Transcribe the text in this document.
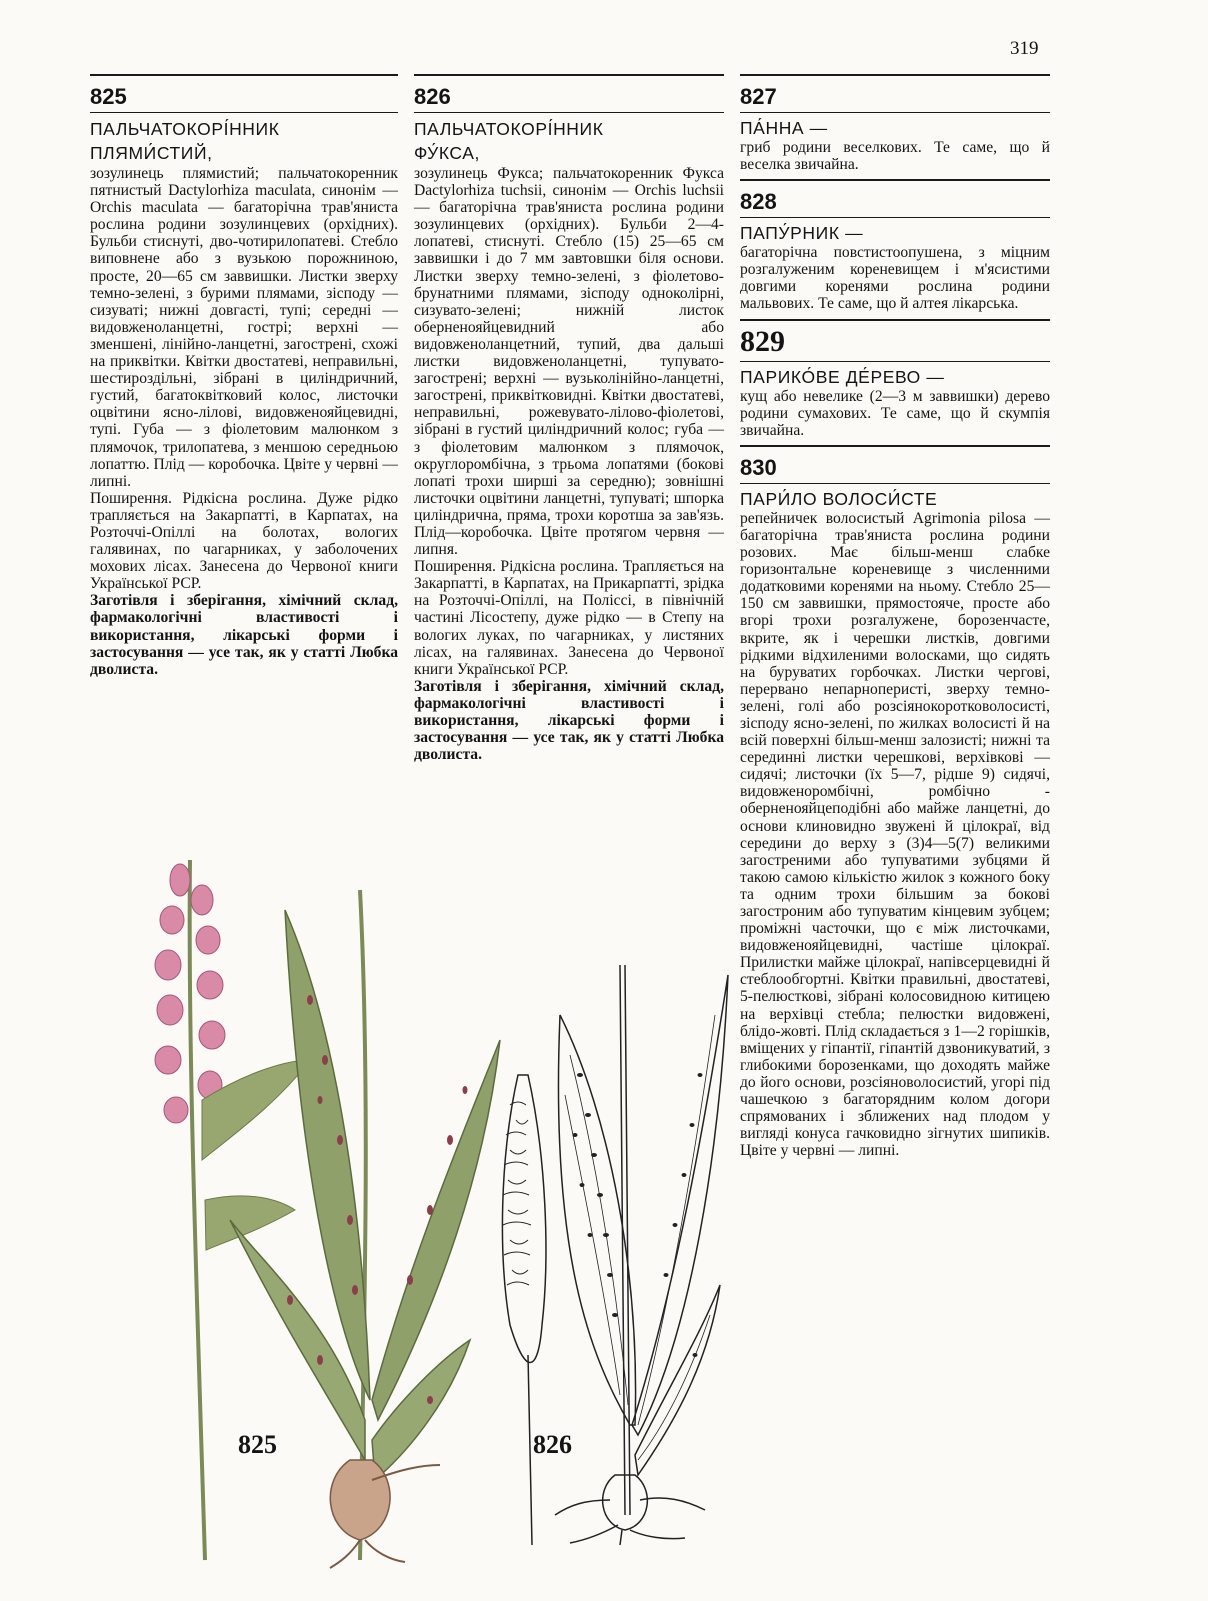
319
825
ПАЛЬЧАТОКОРІ́ННИК
ПЛЯМИ́СТИЙ,

зозулинець плямистий; пальчатокоренник пятнистый Dactylorhiza maculata, синонім — Orchis maculata — багаторічна трав'яниста рослина родини зозулинцевих (орхідних). Бульби стиснуті, дво-чотирилопатеві. Стебло виповнене або з вузькою порожниною, просте, 20—65 см заввишки. Листки зверху темно-зелені, з бурими плямами, зісподу — сизуваті; нижні довгасті, тупі; середні — видовженоланцетні, гострі; верхні — зменшені, лінійно-ланцетні, загострені, схожі на приквітки. Квітки двостатеві, неправильні, шестироздільні, зібрані в циліндричний, густий, багатоквітковий колос, листочки оцвітини ясно-лілові, видовженояйцевидні, тупі. Губа — з фіолетовим малюнком з плямочок, трилопатева, з меншою середньою лопаттю. Плід — коробочка. Цвіте у червні — липні.

Поширення. Рідкісна рослина. Дуже рідко трапляється на Закарпатті, в Карпатах, на Розточчі-Опіллі на болотах, вологих галявинах, по чагарниках, у заболочених мохових лісах. Занесена до Червоної книги Української РСР.

Заготівля і зберігання, хімічний склад, фармакологічні властивості і використання, лікарські форми і застосування — усе так, як у статті Любка дволиста.

826
ПАЛЬЧАТОКОРІ́ННИК
ФУ́КСА,

зозулинець Фукса; пальчатокоренник Фукса Dactylorhiza tuchsii, синонім — Orchis luchsii — багаторічна трав'яниста рослина родини зозулинцевих (орхідних). Бульби 2—4-лопатеві, стиснуті. Стебло (15) 25—65 см заввишки і до 7 мм завтовшки біля основи. Листки зверху темно-зелені, з фіолетово-брунатними плямами, зісподу одноколірні, сизувато-зелені; нижній листок оберненояйцевидний або видовженоланцетний, тупий, два дальші листки видовженоланцетні, тупувато-загострені; верхні — вузьколінійно-ланцетні, загострені, приквітковидні. Квітки двостатеві, неправильні, рожевувато-лілово-фіолетові, зібрані в густий циліндричний колос; губа — з фіолетовим малюнком з плямочок, округлоромбічна, з трьома лопатями (бокові лопаті трохи ширші за середню); зовнішні листочки оцвітини ланцетні, тупуваті; шпорка циліндрична, пряма, трохи коротша за зав'язь. Плід—коробочка. Цвіте протягом червня — липня.

Поширення. Рідкісна рослина. Трапляється на Закарпатті, в Карпатах, на Прикарпатті, зрідка на Розточчі-Опіллі, на Поліссі, в північній частині Лісостепу, дуже рідко — в Степу на вологих луках, по чагарниках, у листяних лісах, на галявинах. Занесена до Червоної книги Української РСР.

Заготівля і зберігання, хімічний склад, фармакологічні властивості і використання, лікарські форми і застосування — усе так, як у статті Любка дволиста.

827
ПА́ННА —

гриб родини веселкових. Те саме, що й веселка звичайна.

828
ПАПУ́РНИК —

багаторічна повстистоопушена, з міцним розгалуженим кореневищем і м'ясистими довгими коренями рослина родини мальвових. Те саме, що й алтея лікарська.

829
ПАРИКО́ВЕ ДЕ́РЕВО —

кущ або невелике (2—3 м заввишки) дерево родини сумахових. Те саме, що й скумпія звичайна.

830
ПАРИ́ЛО ВОЛОСИ́СТЕ

репейничек волосистый Agrimonia pilosa — багаторічна трав'яниста рослина родини розових. Має більш-менш слабке горизонтальне кореневище з численними додатковими коренями на ньому. Стебло 25—150 см заввишки, прямостояче, просте або вгорі трохи розгалужене, борозенчасте, вкрите, як і черешки листків, довгими рідкими відхиленими волосками, що сидять на буруватих горбочках. Листки чергові, перервано непарноперисті, зверху темно-зелені, голі або розсіянокоротковолосисті, зісподу ясно-зелені, по жилках волосисті й на всій поверхні більш-менш залозисті; нижні та серединні листки черешкові, верхівкові — сидячі; листочки (їх 5—7, рідше 9) сидячі, видовженоромбічні, ромбічно - оберненояйцеподібні або майже ланцетні, до основи клиновидно звужені й цілокраї, від середини до верху з (3)4—5(7) великими загостреними або тупуватими зубцями й такою самою кількістю жилок з кожного боку та одним трохи більшим за бокові загостроним або тупуватим кінцевим зубцем; проміжні часточки, що є між листочками, видовженояйцевидні, частіше цілокраї. Прилистки майже цілокраї, напівсерцевидні й стеблообгортні. Квітки правильні, двостатеві, 5-пелюсткові, зібрані колосовидною китицею на верхівці стебла; пелюстки видовжені, блідо-жовті. Плід складається з 1—2 горішків, вміщених у гіпантії, гіпантій дзвоникуватий, з глибокими борозенками, що доходять майже до його основи, розсіяноволосистий, угорі під чашечкою з багаторядним колом догори спрямованих і зближених над плодом у вигляді конуса гачковидно зігнутих шипиків. Цвіте у червні — липні.

825	826
